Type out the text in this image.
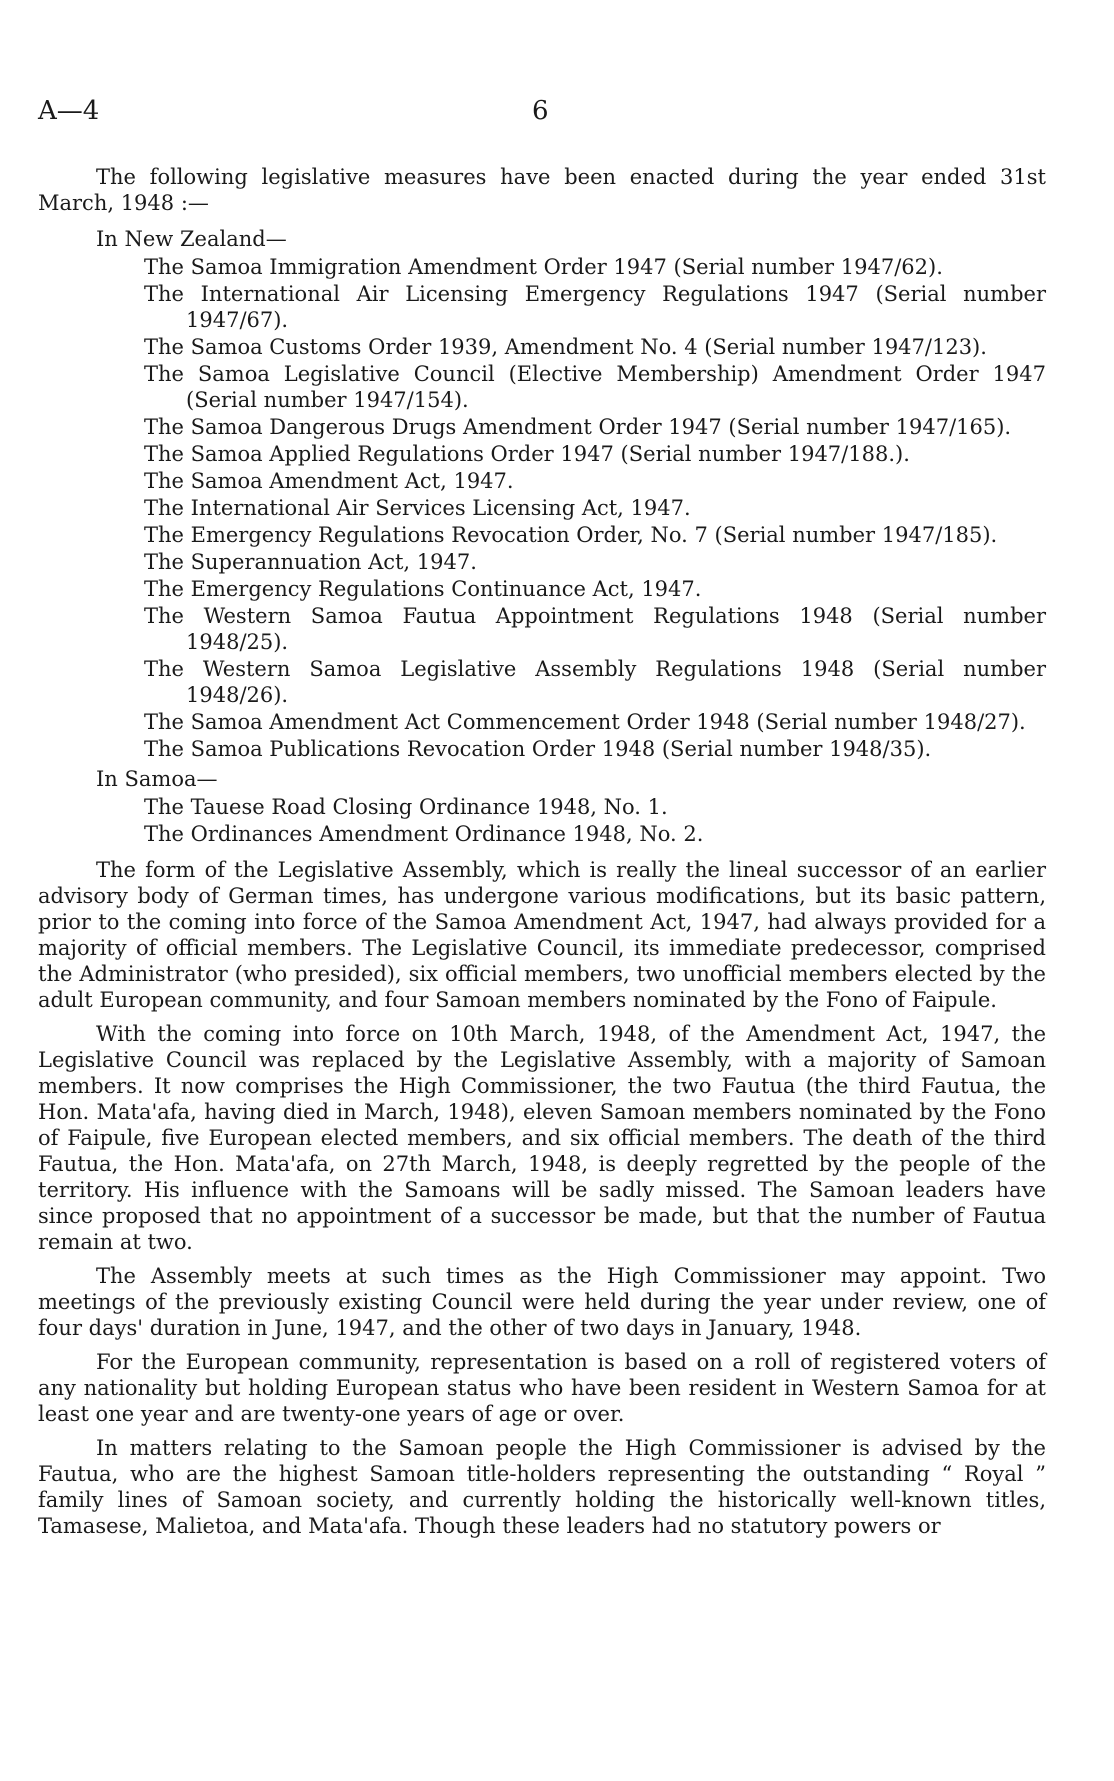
A—4	6

The following legislative measures have been enacted during the year ended 31st March, 1948 :—

In New Zealand—

The Samoa Immigration Amendment Order 1947 (Serial number 1947/62).
The International Air Licensing Emergency Regulations 1947 (Serial number 1947/67).
The Samoa Customs Order 1939, Amendment No. 4 (Serial number 1947/123).
The Samoa Legislative Council (Elective Membership) Amendment Order 1947 (Serial number 1947/154).
The Samoa Dangerous Drugs Amendment Order 1947 (Serial number 1947/165).
The Samoa Applied Regulations Order 1947 (Serial number 1947/188.).
The Samoa Amendment Act, 1947.
The International Air Services Licensing Act, 1947.
The Emergency Regulations Revocation Order, No. 7 (Serial number 1947/185).
The Superannuation Act, 1947.
The Emergency Regulations Continuance Act, 1947.
The Western Samoa Fautua Appointment Regulations 1948 (Serial number 1948/25).
The Western Samoa Legislative Assembly Regulations 1948 (Serial number 1948/26).
The Samoa Amendment Act Commencement Order 1948 (Serial number 1948/27).
The Samoa Publications Revocation Order 1948 (Serial number 1948/35).

In Samoa—

The Tauese Road Closing Ordinance 1948, No. 1.
The Ordinances Amendment Ordinance 1948, No. 2.

The form of the Legislative Assembly, which is really the lineal successor of an earlier advisory body of German times, has undergone various modifications, but its basic pattern, prior to the coming into force of the Samoa Amendment Act, 1947, had always provided for a majority of official members. The Legislative Council, its immediate predecessor, comprised the Administrator (who presided), six official members, two unofficial members elected by the adult European community, and four Samoan members nominated by the Fono of Faipule.

With the coming into force on 10th March, 1948, of the Amendment Act, 1947, the Legislative Council was replaced by the Legislative Assembly, with a majority of Samoan members. It now comprises the High Commissioner, the two Fautua (the third Fautua, the Hon. Mata'afa, having died in March, 1948), eleven Samoan members nominated by the Fono of Faipule, five European elected members, and six official members. The death of the third Fautua, the Hon. Mata'afa, on 27th March, 1948, is deeply regretted by the people of the territory. His influence with the Samoans will be sadly missed. The Samoan leaders have since proposed that no appointment of a successor be made, but that the number of Fautua remain at two.

The Assembly meets at such times as the High Commissioner may appoint. Two meetings of the previously existing Council were held during the year under review, one of four days' duration in June, 1947, and the other of two days in January, 1948.

For the European community, representation is based on a roll of registered voters of any nationality but holding European status who have been resident in Western Samoa for at least one year and are twenty-one years of age or over.

In matters relating to the Samoan people the High Commissioner is advised by the Fautua, who are the highest Samoan title-holders representing the outstanding “ Royal ” family lines of Samoan society, and currently holding the historically well-known titles, Tamasese, Malietoa, and Mata'afa. Though these leaders had no statutory powers or
